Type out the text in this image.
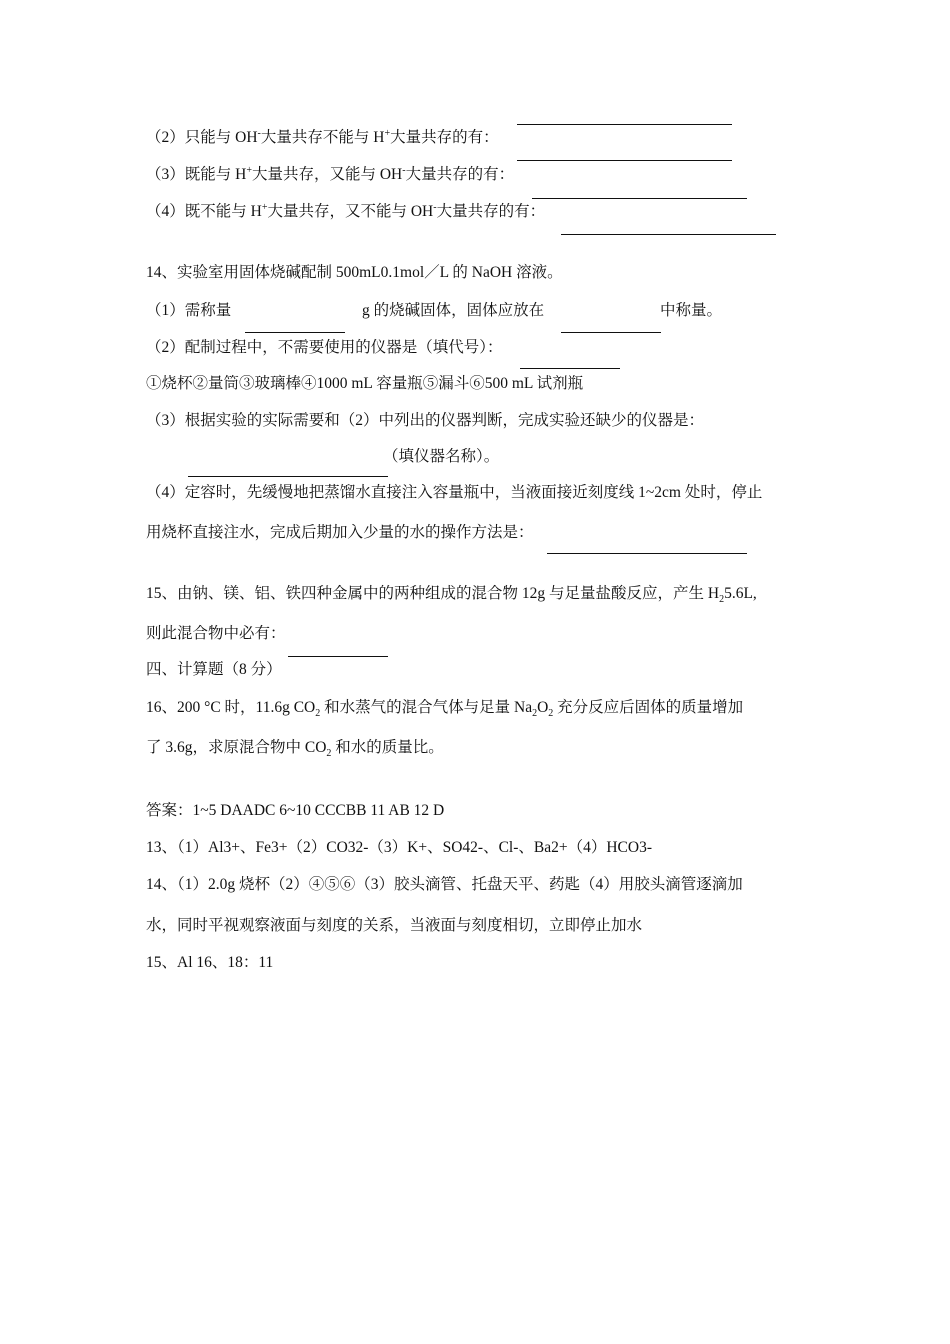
（2）只能与 OH-大量共存不能与 H+大量共存的有：
（3）既能与 H+大量共存，又能与 OH-大量共存的有：
（4）既不能与 H+大量共存，又不能与 OH-大量共存的有：
14、实验室用固体烧碱配制 500mL0.1mol／L 的 NaOH 溶液。
（1）需称量	g 的烧碱固体，固体应放在	中称量。
（2）配制过程中，不需要使用的仪器是（填代号）：
①烧杯②量筒③玻璃棒④1000 mL 容量瓶⑤漏斗⑥500 mL 试剂瓶
（3）根据实验的实际需要和（2）中列出的仪器判断，完成实验还缺少的仪器是：
（填仪器名称）。
（4）定容时，先缓慢地把蒸馏水直接注入容量瓶中，当液面接近刻度线 1~2cm 处时，停止
用烧杯直接注水，完成后期加入少量的水的操作方法是：
15、由钠、镁、铝、铁四种金属中的两种组成的混合物 12g 与足量盐酸反应，产生 $H_25.6L$,
则此混合物中必有：
四、计算题（8 分）
16、200 °C 时，11.6g $CO_2$ 和水蒸气的混合气体与足量 $Na_2O_2$ 充分反应后固体的质量增加
了 3.6g，求原混合物中 $CO_2$ 和水的质量比。
答案：1~5 DAADC 6~10 CCCBB 11 AB 12 D
13、（1）Al3+、Fe3+（2）CO32-（3）K+、SO42-、Cl-、Ba2+（4）HCO3-
14、（1）2.0g 烧杯（2）④⑤⑥（3）胶头滴管、托盘天平、药匙（4）用胶头滴管逐滴加
水，同时平视观察液面与刻度的关系，当液面与刻度相切，立即停止加水
15、Al 16、18：11
